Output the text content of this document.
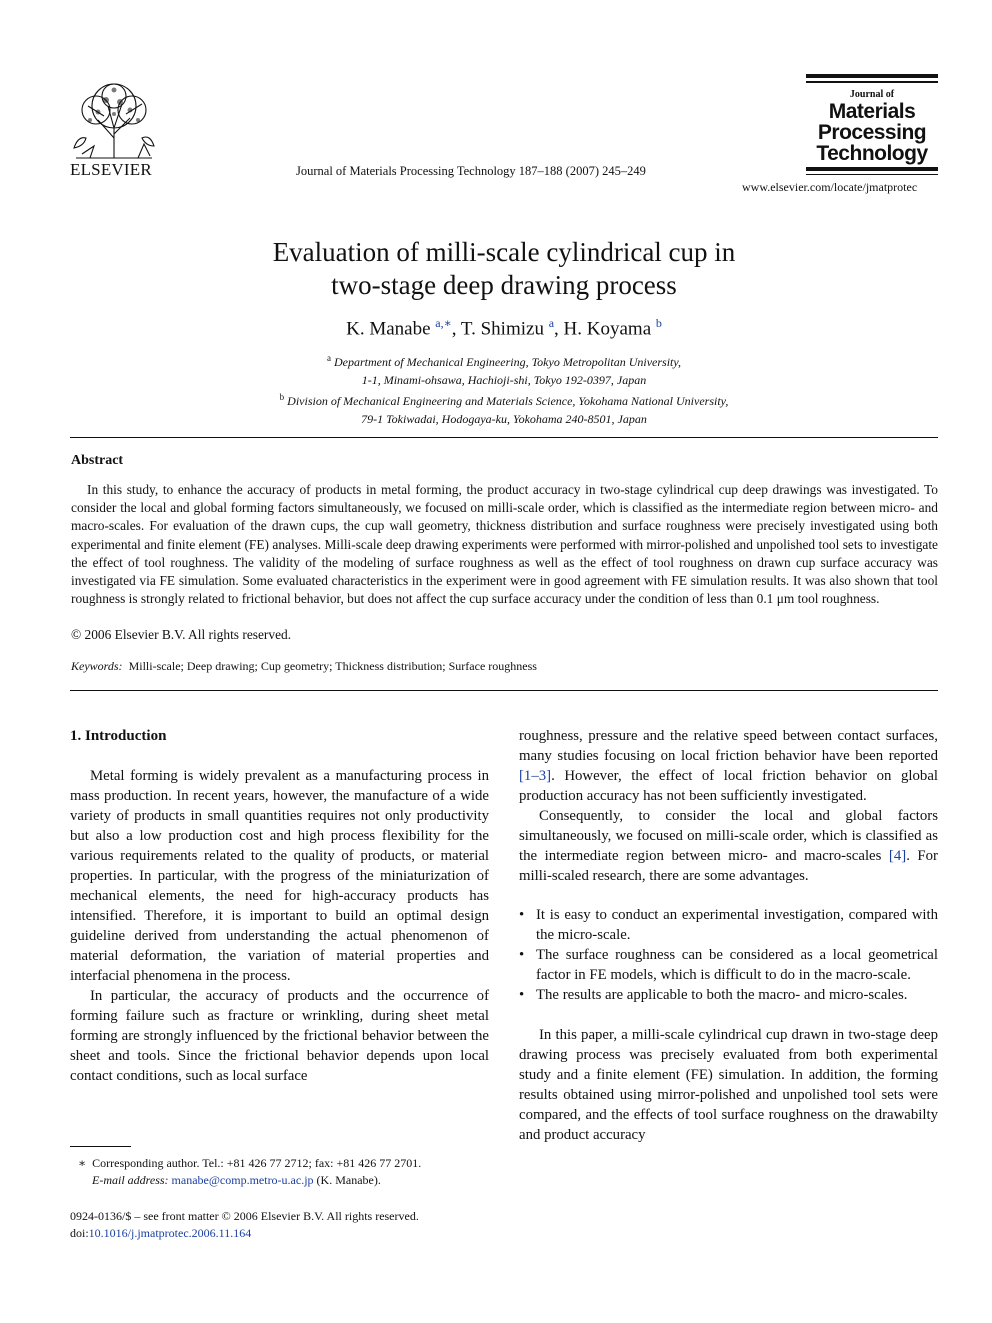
ELSEVIER	Journal of Materials Processing Technology 187–188 (2007) 245–249
Journal of
Materials
Processing
Technology
www.elsevier.com/locate/jmatprotec
Evaluation of milli-scale cylindrical cup in
two-stage deep drawing process
K. Manabe $^{a,∗}$, T. Shimizu $^a$, H. Koyama $^b$
$^a$ Department of Mechanical Engineering, Tokyo Metropolitan University,
1-1, Minami-ohsawa, Hachioji-shi, Tokyo 192-0397, Japan
$^b$ Division of Mechanical Engineering and Materials Science, Yokohama National University,
79-1 Tokiwadai, Hodogaya-ku, Yokohama 240-8501, Japan
Abstract
In this study, to enhance the accuracy of products in metal forming, the product accuracy in two-stage cylindrical cup deep drawings was investigated. To consider the local and global forming factors simultaneously, we focused on milli-scale order, which is classified as the intermediate region between micro- and macro-scales. For evaluation of the drawn cups, the cup wall geometry, thickness distribution and surface roughness were precisely investigated using both experimental and finite element (FE) analyses. Milli-scale deep drawing experiments were performed with mirror-polished and unpolished tool sets to investigate the effect of tool roughness. The validity of the modeling of surface roughness as well as the effect of tool roughness on drawn cup surface accuracy was investigated via FE simulation. Some evaluated characteristics in the experiment were in good agreement with FE simulation results. It was also shown that tool roughness is strongly related to frictional behavior, but does not affect the cup surface accuracy under the condition of less than 0.1 μm tool roughness.
© 2006 Elsevier B.V. All rights reserved.
Keywords: Milli-scale; Deep drawing; Cup geometry; Thickness distribution; Surface roughness
1. Introduction

Metal forming is widely prevalent as a manufacturing process in mass production. In recent years, however, the manufacture of a wide variety of products in small quantities requires not only productivity but also a low production cost and high process flexibility for the various requirements related to the quality of products, or material properties. In particular, with the progress of the miniaturization of mechanical elements, the need for high-accuracy products has intensified. Therefore, it is important to build an optimal design guideline derived from understanding the actual phenomenon of material deformation, the variation of material properties and interfacial phenomena in the process.

In particular, the accuracy of products and the occurrence of forming failure such as fracture or wrinkling, during sheet metal forming are strongly influenced by the frictional behavior between the sheet and tools. Since the frictional behavior depends upon local contact conditions, such as local surface

roughness, pressure and the relative speed between contact surfaces, many studies focusing on local friction behavior have been reported [1–3]. However, the effect of local friction behavior on global production accuracy has not been sufficiently investigated.

Consequently, to consider the local and global factors simultaneously, we focused on milli-scale order, which is classified as the intermediate region between micro- and macro-scales [4]. For milli-scaled research, there are some advantages.

• It is easy to conduct an experimental investigation, compared with the micro-scale.
• The surface roughness can be considered as a local geometrical factor in FE models, which is difficult to do in the macro-scale.
• The results are applicable to both the macro- and micro-scales.

In this paper, a milli-scale cylindrical cup drawn in two-stage deep drawing process was precisely evaluated from both experimental study and a finite element (FE) simulation. In addition, the forming results obtained using mirror-polished and unpolished tool sets were compared, and the effects of tool surface roughness on the drawabilty and product accuracy

∗ Corresponding author. Tel.: +81 426 77 2712; fax: +81 426 77 2701.
E-mail address: manabe@comp.metro-u.ac.jp (K. Manabe).
0924-0136/$ – see front matter © 2006 Elsevier B.V. All rights reserved.
doi:10.1016/j.jmatprotec.2006.11.164
